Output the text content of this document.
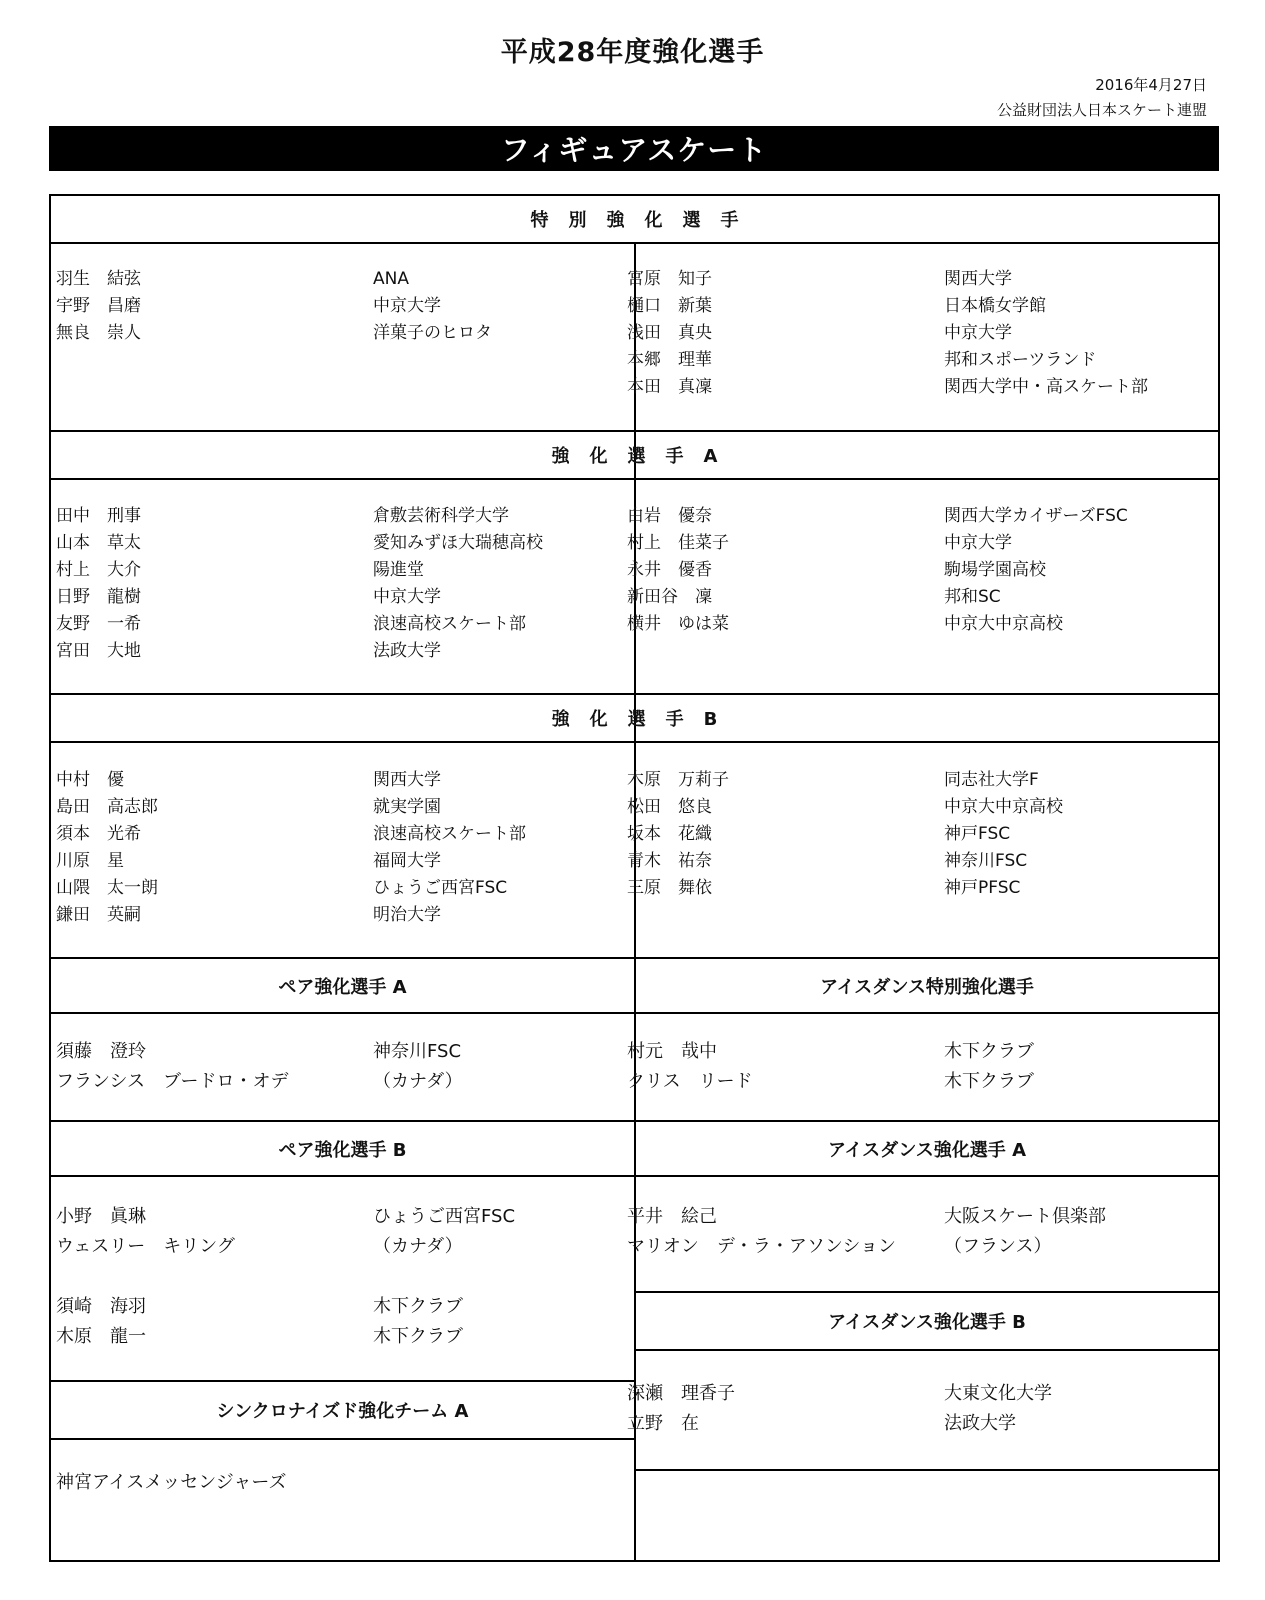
平成28年度強化選手
2016年4月27日
公益財団法人日本スケート連盟
フィギュアスケート
特別強化選手
羽生　結弦	ANA
宇野　昌磨	中京大学
無良　崇人	洋菓子のヒロタ
宮原　知子	関西大学
樋口　新葉	日本橋女学館
浅田　真央	中京大学
本郷　理華	邦和スポーツランド
本田　真凜	関西大学中・高スケート部
強化選手A
田中　刑事	倉敷芸術科学大学
山本　草太	愛知みずほ大瑞穂高校
村上　大介	陽進堂
日野　龍樹	中京大学
友野　一希	浪速高校スケート部
宮田　大地	法政大学
白岩　優奈	関西大学カイザーズFSC
村上　佳菜子	中京大学
永井　優香	駒場学園高校
新田谷　凜	邦和SC
横井　ゆは菜	中京大中京高校
強化選手B
中村　優	関西大学
島田　高志郎	就実学園
須本　光希	浪速高校スケート部
川原　星	福岡大学
山隈　太一朗	ひょうご西宮FSC
鎌田　英嗣	明治大学
木原　万莉子	同志社大学F
松田　悠良	中京大中京高校
坂本　花織	神戸FSC
青木　祐奈	神奈川FSC
三原　舞依	神戸PFSC
ペア強化選手 A	アイスダンス特別強化選手
須藤　澄玲	神奈川FSC
フランシス　ブードロ・オデ	（カナダ）
村元　哉中	木下クラブ
クリス　リード	木下クラブ
ペア強化選手 B	アイスダンス強化選手 A
小野　眞琳	ひょうご西宮FSC
ウェスリー　キリング	（カナダ）
須崎　海羽	木下クラブ
木原　龍一	木下クラブ
平井　絵己	大阪スケート倶楽部
マリオン　デ・ラ・アソンション	（フランス）
アイスダンス強化選手 B
深瀬　理香子	大東文化大学
立野　在	法政大学
シンクロナイズド強化チーム A
神宮アイスメッセンジャーズ
